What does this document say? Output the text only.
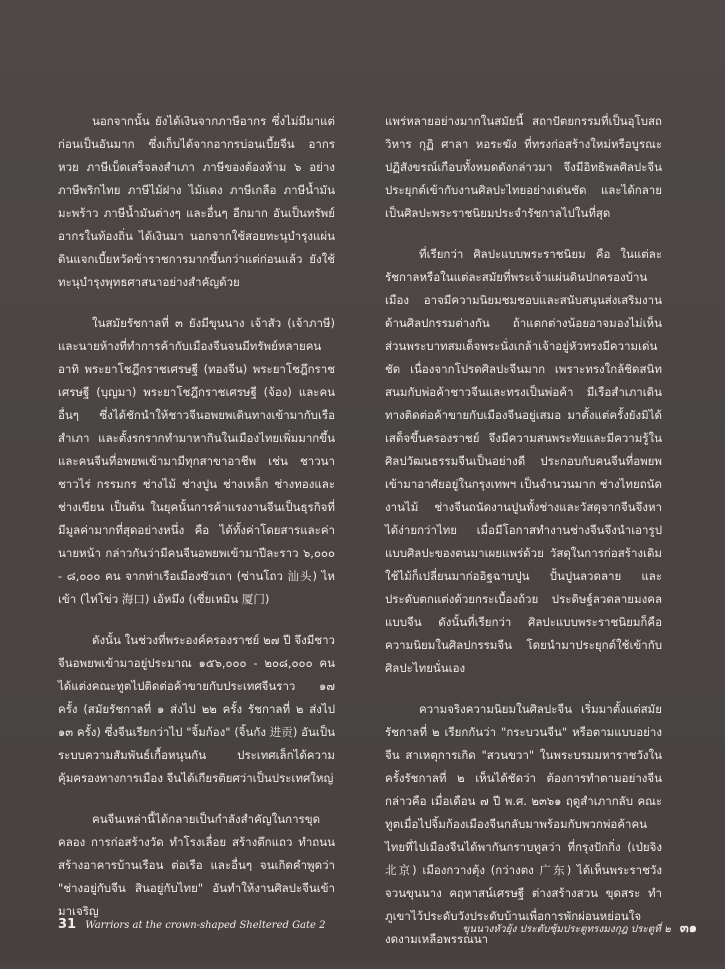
นอกจากนั้น ยังได้เงินจากภาษีอากร ซึ่งไม่มีมาแต่ก่อนเป็นอันมาก ซึ่งเก็บได้จากอากรบ่อนเบี้ยจีน อากรหวย ภาษีเบ็ดเสร็จลงสำเภา ภาษีของต้องห้าม ๖ อย่าง ภาษีพริกไทย ภาษีไม้ฝาง ไม้แดง ภาษีเกลือ ภาษีน้ำมันมะพร้าว ภาษีน้ำมันต่างๆ และอื่นๆ อีกมาก อันเป็นทรัพย์อากรในท้องถิ่น ได้เงินมา นอกจากใช้สอยทะนุบำรุงแผ่นดินแจกเบี้ยหวัดข้าราชการมากขึ้นกว่าแต่ก่อนแล้ว ยังใช้ทะนุบำรุงพุทธศาสนาอย่างสำคัญด้วย

ในสมัยรัชกาลที่ ๓ ยังมีขุนนาง เจ้าสัว (เจ้าภาษี) และนายห้างที่ทำการค้ากับเมืองจีนจนมีทรัพย์หลายคน อาทิ พระยาโชฎึกราชเศรษฐี (ทองจีน) พระยาโชฎึกราชเศรษฐี (บุญมา) พระยาโชฎึกราชเศรษฐี (จ้อง) และคนอื่นๆ ซึ่งได้ชักนำให้ชาวจีนอพยพเดินทางเข้ามากับเรือสำเภา และตั้งรกรากทำมาหากินในเมืองไทยเพิ่มมากขึ้น และคนจีนที่อพยพเข้ามามีทุกสาขาอาชีพ เช่น ชาวนา ชาวไร่ กรรมกร ช่างไม้ ช่างปูน ช่างเหล็ก ช่างทองและช่างเขียน เป็นต้น ในยุคนั้นการค้าแรงงานจีนเป็นธุรกิจที่มีมูลค่ามากที่สุดอย่างหนึ่ง คือ ได้ทั้งค่าโดยสารและค่านายหน้า กล่าวกันว่ามีคนจีนอพยพเข้ามาปีละราว ๖,๐๐๐ - ๘,๐๐๐ คน จากท่าเรือเมืองซัวเถา (ซ่านโถว 汕头) ไหเข้า (ไห่โข่ว 海口) เอ้หมึง (เซี่ยเหมิน 厦门)

ดังนั้น ในช่วงที่พระองค์ครองราชย์ ๒๗ ปี จึงมีชาวจีนอพยพเข้ามาอยู่ประมาณ ๑๕๖,๐๐๐ - ๒๐๘,๐๐๐ คน ได้แต่งคณะทูตไปติดต่อค้าขายกับประเทศจีนราว ๑๗ ครั้ง (สมัยรัชกาลที่ ๑ ส่งไป ๒๒ ครั้ง รัชกาลที่ ๒ ส่งไป ๑๓ ครั้ง) ซึ่งจีนเรียกว่าไป "จิ้มก้อง" (จิ้นกัง 进贡) อันเป็นระบบความสัมพันธ์เกื้อหนุนกัน ประเทศเล็กได้ความคุ้มครองทางการเมือง จีนได้เกียรติยศว่าเป็นประเทศใหญ่

คนจีนเหล่านี้ได้กลายเป็นกำลังสำคัญในการขุดคลอง การก่อสร้างวัด ทำโรงเลื่อย สร้างตึกแถว ทำถนน สร้างอาคารบ้านเรือน ต่อเรือ และอื่นๆ จนเกิดคำพูดว่า "ช่างอยู่กับจีน สินอยู่กับไทย" อันทำให้งานศิลปะจีนเข้ามาเจริญ

แพร่หลายอย่างมากในสมัยนี้ สถาปัตยกรรมที่เป็นอุโบสถ วิหาร กุฏิ ศาลา หอระฆัง ที่ทรงก่อสร้างใหม่หรือบูรณะปฏิสังขรณ์เกือบทั้งหมดดังกล่าวมา จึงมีอิทธิพลศิลปะจีนประยุกต์เข้ากับงานศิลปะไทยอย่างเด่นชัด และได้กลายเป็นศิลปะพระราชนิยมประจำรัชกาลไปในที่สุด

ที่เรียกว่า ศิลปะแบบพระราชนิยม คือ ในแต่ละรัชกาลหรือในแต่ละสมัยที่พระเจ้าแผ่นดินปกครองบ้านเมือง อาจมีความนิยมชมชอบและสนับสนุนส่งเสริมงานด้านศิลปกรรมต่างกัน ถ้าแตกต่างน้อยอาจมองไม่เห็น ส่วนพระบาทสมเด็จพระนั่งเกล้าเจ้าอยู่หัวทรงมีความเด่นชัด เนื่องจากโปรดศิลปะจีนมาก เพราะทรงใกล้ชิดสนิทสนมกับพ่อค้าชาวจีนและทรงเป็นพ่อค้า มีเรือสำเภาเดินทางติดต่อค้าขายกับเมืองจีนอยู่เสมอ มาตั้งแต่ครั้งยังมิได้เสด็จขึ้นครองราชย์ จึงมีความสนพระทัยและมีความรู้ในศิลปวัฒนธรรมจีนเป็นอย่างดี ประกอบกับคนจีนที่อพยพเข้ามาอาศัยอยู่ในกรุงเทพฯ เป็นจำนวนมาก ช่างไทยถนัดงานไม้ ช่างจีนถนัดงานปูนทั้งช่างและวัสดุจากจีนจึงหาได้ง่ายกว่าไทย เมื่อมีโอกาสทำงานช่างจีนจึงนำเอารูปแบบศิลปะของตนมาเผยแพร่ด้วย วัสดุในการก่อสร้างเดิมใช้ไม้ก็เปลี่ยนมาก่ออิฐฉาบปูน ปั้นปูนลวดลาย และประดับตกแต่งด้วยกระเบื้องถ้วย ประดิษฐ์ลวดลายมงคลแบบจีน ดังนั้นที่เรียกว่า ศิลปะแบบพระราชนิยมก็คือ ความนิยมในศิลปกรรมจีน โดยนำมาประยุกต์ใช้เข้ากับศิลปะไทยนั่นเอง

ความจริงความนิยมในศิลปะจีน เริ่มมาตั้งแต่สมัยรัชกาลที่ ๒ เรียกกันว่า "กระบวนจีน" หรือตามแบบอย่างจีน สาเหตุการเกิด "สวนขวา" ในพระบรมมหาราชวังในครั้งรัชกาลที่ ๒ เห็นได้ชัดว่า ต้องการทำตามอย่างจีน กล่าวคือ เมื่อเดือน ๗ ปี พ.ศ. ๒๓๖๑ ฤดูสำเภากลับ คณะทูตเมื่อไปจิ้มก้องเมืองจีนกลับมาพร้อมกับพวกพ่อค้าคนไทยที่ไปเมืองจีนได้พากันกราบทูลว่า ที่กรุงปักกิ่ง (เป่ยจิง 北京) เมืองกวางตุ้ง (กว่างตง 广东) ได้เห็นพระราชวัง จวนขุนนาง คฤหาสน์เศรษฐี ต่างสร้างสวน ขุดสระ ทำภูเขาไว้ประดับวังประดับบ้านเพื่อการพักผ่อนหย่อนใจงดงามเหลือพรรณนา

31 Warriors at the crown-shaped Sheltered Gate 2	ขุนนางหัวยุ้ง ประตับซุ้มประตูทรงมงกุฎ ประตูที่ ๒ ๓๑
